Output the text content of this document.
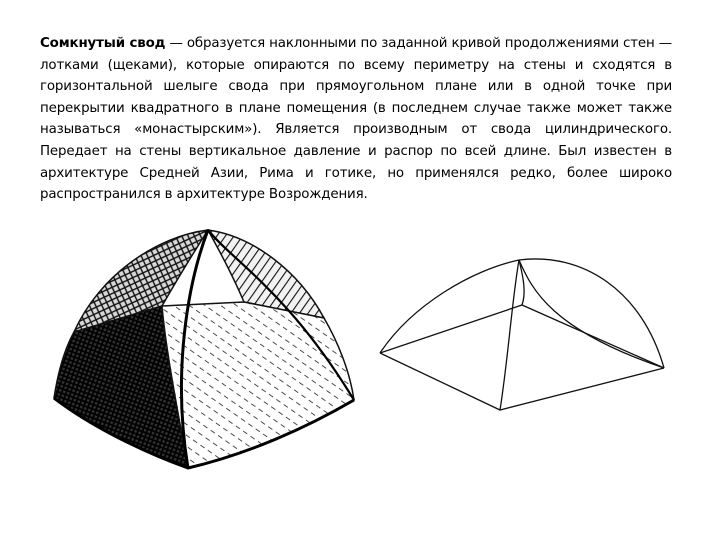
Сомкнутый свод — образуется наклонными по заданной кривой продолжениями стен — лотками (щеками), которые опираются по всему периметру на стены и сходятся в горизонтальной шелыге свода при прямоугольном плане или в одной точке при перекрытии квадратного в плане помещения (в последнем случае также может также называться «монастырским»). Является производным от свода цилиндрического. Передает на стены вертикальное давление и распор по всей длине. Был известен в архитектуре Средней Азии, Рима и готике, но применялся редко, более широко распространился в архитектуре Возрождения.
